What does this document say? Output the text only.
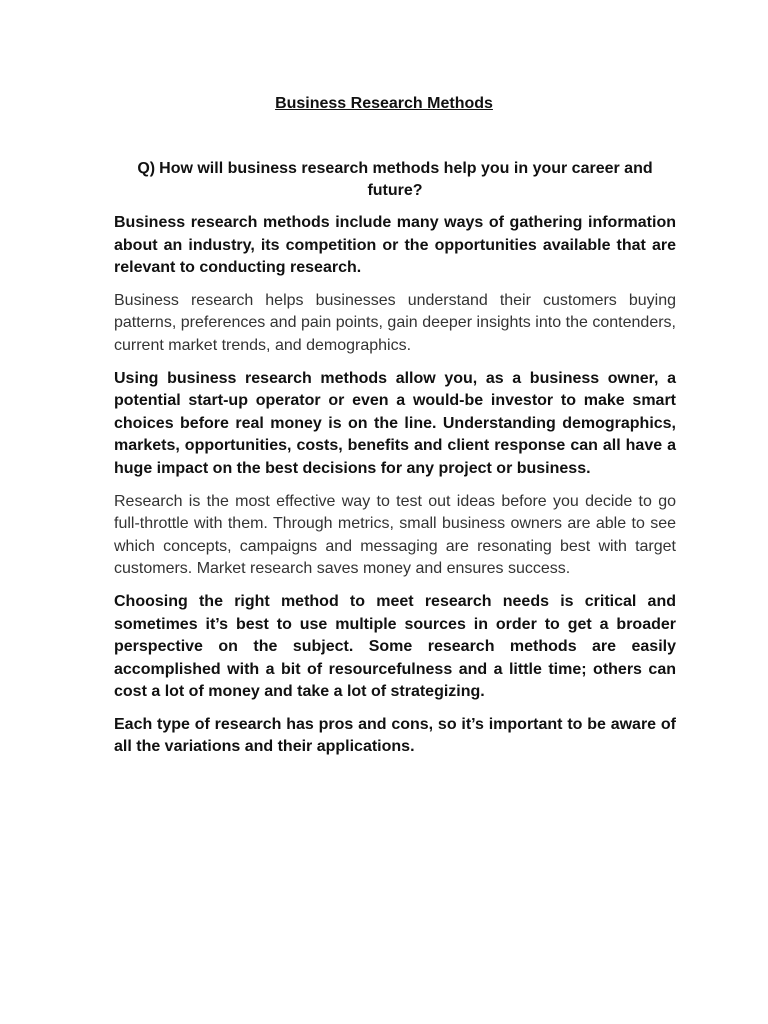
Business Research Methods
Q) How will business research methods help you in your career and future?

Business research methods include many ways of gathering information about an industry, its competition or the opportunities available that are relevant to conducting research.

Business research helps businesses understand their customers buying patterns, preferences and pain points, gain deeper insights into the contenders, current market trends, and demographics.

Using business research methods allow you, as a business owner, a potential start-up operator or even a would-be investor to make smart choices before real money is on the line. Understanding demographics, markets, opportunities, costs, benefits and client response can all have a huge impact on the best decisions for any project or business.

Research is the most effective way to test out ideas before you decide to go full-throttle with them. Through metrics, small business owners are able to see which concepts, campaigns and messaging are resonating best with target customers. Market research saves money and ensures success.

Choosing the right method to meet research needs is critical and sometimes it’s best to use multiple sources in order to get a broader perspective on the subject. Some research methods are easily accomplished with a bit of resourcefulness and a little time; others can cost a lot of money and take a lot of strategizing.

Each type of research has pros and cons, so it’s important to be aware of all the variations and their applications.
